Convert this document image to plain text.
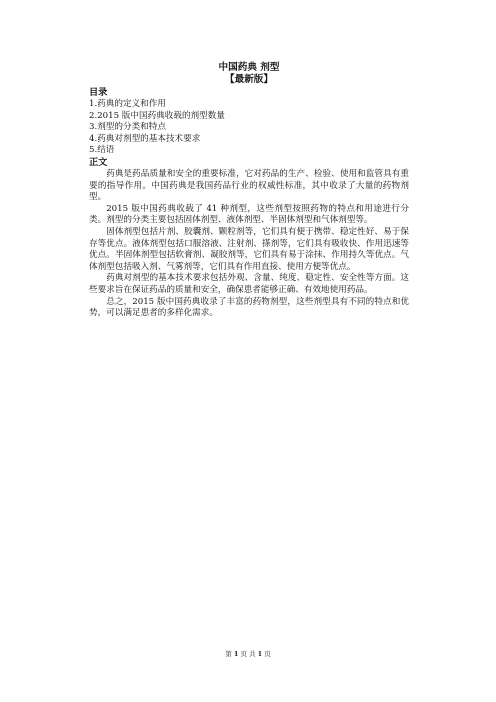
中国药典 剂型
【最新版】
目录
1.药典的定义和作用
2.2015 版中国药典收载的剂型数量
3.剂型的分类和特点
4.药典对剂型的基本技术要求
5.结语
正文

药典是药品质量和安全的重要标准，它对药品的生产、检验、使用和监管具有重要的指导作用。中国药典是我国药品行业的权威性标准，其中收录了大量的药物剂型。

2015 版中国药典收载了 41 种剂型，这些剂型按照药物的特点和用途进行分类。剂型的分类主要包括固体剂型、液体剂型、半固体剂型和气体剂型等。

固体剂型包括片剂、胶囊剂、颗粒剂等，它们具有便于携带、稳定性好、易于保存等优点。液体剂型包括口服溶液、注射剂、搽剂等，它们具有吸收快、作用迅速等优点。半固体剂型包括软膏剂、凝胶剂等，它们具有易于涂抹、作用持久等优点。气体剂型包括吸入剂、气雾剂等，它们具有作用直接、使用方便等优点。

药典对剂型的基本技术要求包括外观、含量、纯度、稳定性、安全性等方面。这些要求旨在保证药品的质量和安全，确保患者能够正确、有效地使用药品。

总之，2015 版中国药典收录了丰富的药物剂型，这些剂型具有不同的特点和优势，可以满足患者的多样化需求。

第 1 页 共 1 页
